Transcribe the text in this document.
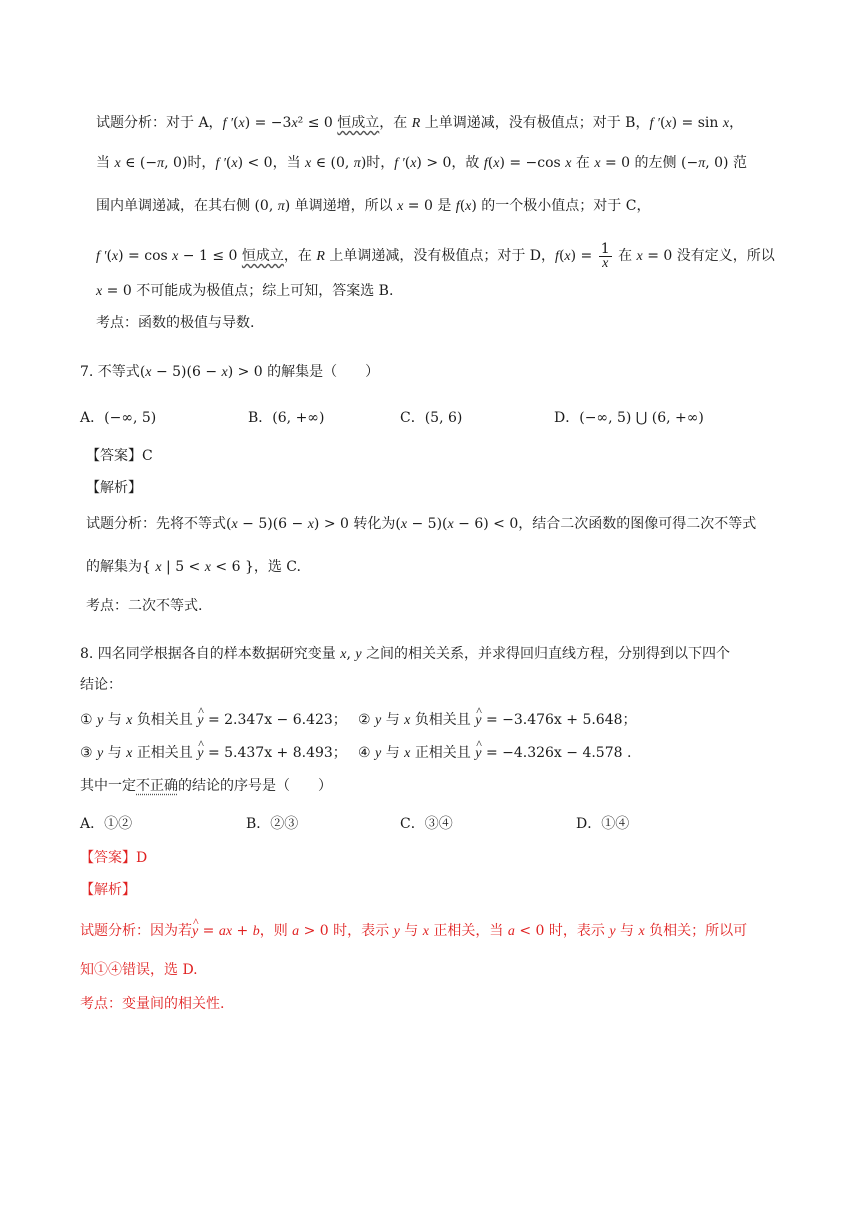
试题分析：对于 A，f ′(x) = −3x² ≤ 0 恒成立，在 R 上单调递减，没有极值点；对于 B，f ′(x) = sin x，
当 x ∈ (−π, 0)时，f ′(x) < 0，当 x ∈ (0, π)时，f ′(x) > 0，故 f(x) = −cos x 在 x = 0 的左侧 (−π, 0) 范
围内单调递减，在其右侧 (0, π) 单调递增，所以 x = 0 是 f(x) 的一个极小值点；对于 C，
f ′(x) = cos x − 1 ≤ 0 恒成立，在 R 上单调递减，没有极值点；对于 D，$f(x) = \frac{1}{x}$ 在 x = 0 没有定义，所以
x = 0 不可能成为极值点；综上可知，答案选 B.
考点：函数的极值与导数.
7. 不等式(x − 5)(6 − x) > 0 的解集是（　　）
A．(−∞, 5)	B．(6, +∞)	C．(5, 6)	D．(−∞, 5) ⋃ (6, +∞)
【答案】C
【解析】
试题分析：先将不等式(x − 5)(6 − x) > 0 转化为(x − 5)(x − 6) < 0，结合二次函数的图像可得二次不等式
的解集为{ x | 5 < x < 6 }，选 C.
考点：二次不等式.
8. 四名同学根据各自的样本数据研究变量 x, y 之间的相关关系，并求得回归直线方程，分别得到以下四个
结论：
① y 与 x 负相关且 ^ y = 2.347x − 6.423； ② y 与 x 负相关且 ^ y = −3.476x + 5.648；
③ y 与 x 正相关且 ^ y = 5.437x + 8.493； ④ y 与 x 正相关且 ^ y = −4.326x − 4.578 .
其中一定不正确的结论的序号是（　　）
A．①②	B．②③	C．③④	D．①④
【答案】D
【解析】
试题分析：因为若^ y = ax + b，则 a > 0 时，表示 y 与 x 正相关，当 a < 0 时，表示 y 与 x 负相关；所以可
知①④错误，选 D.
考点：变量间的相关性.
